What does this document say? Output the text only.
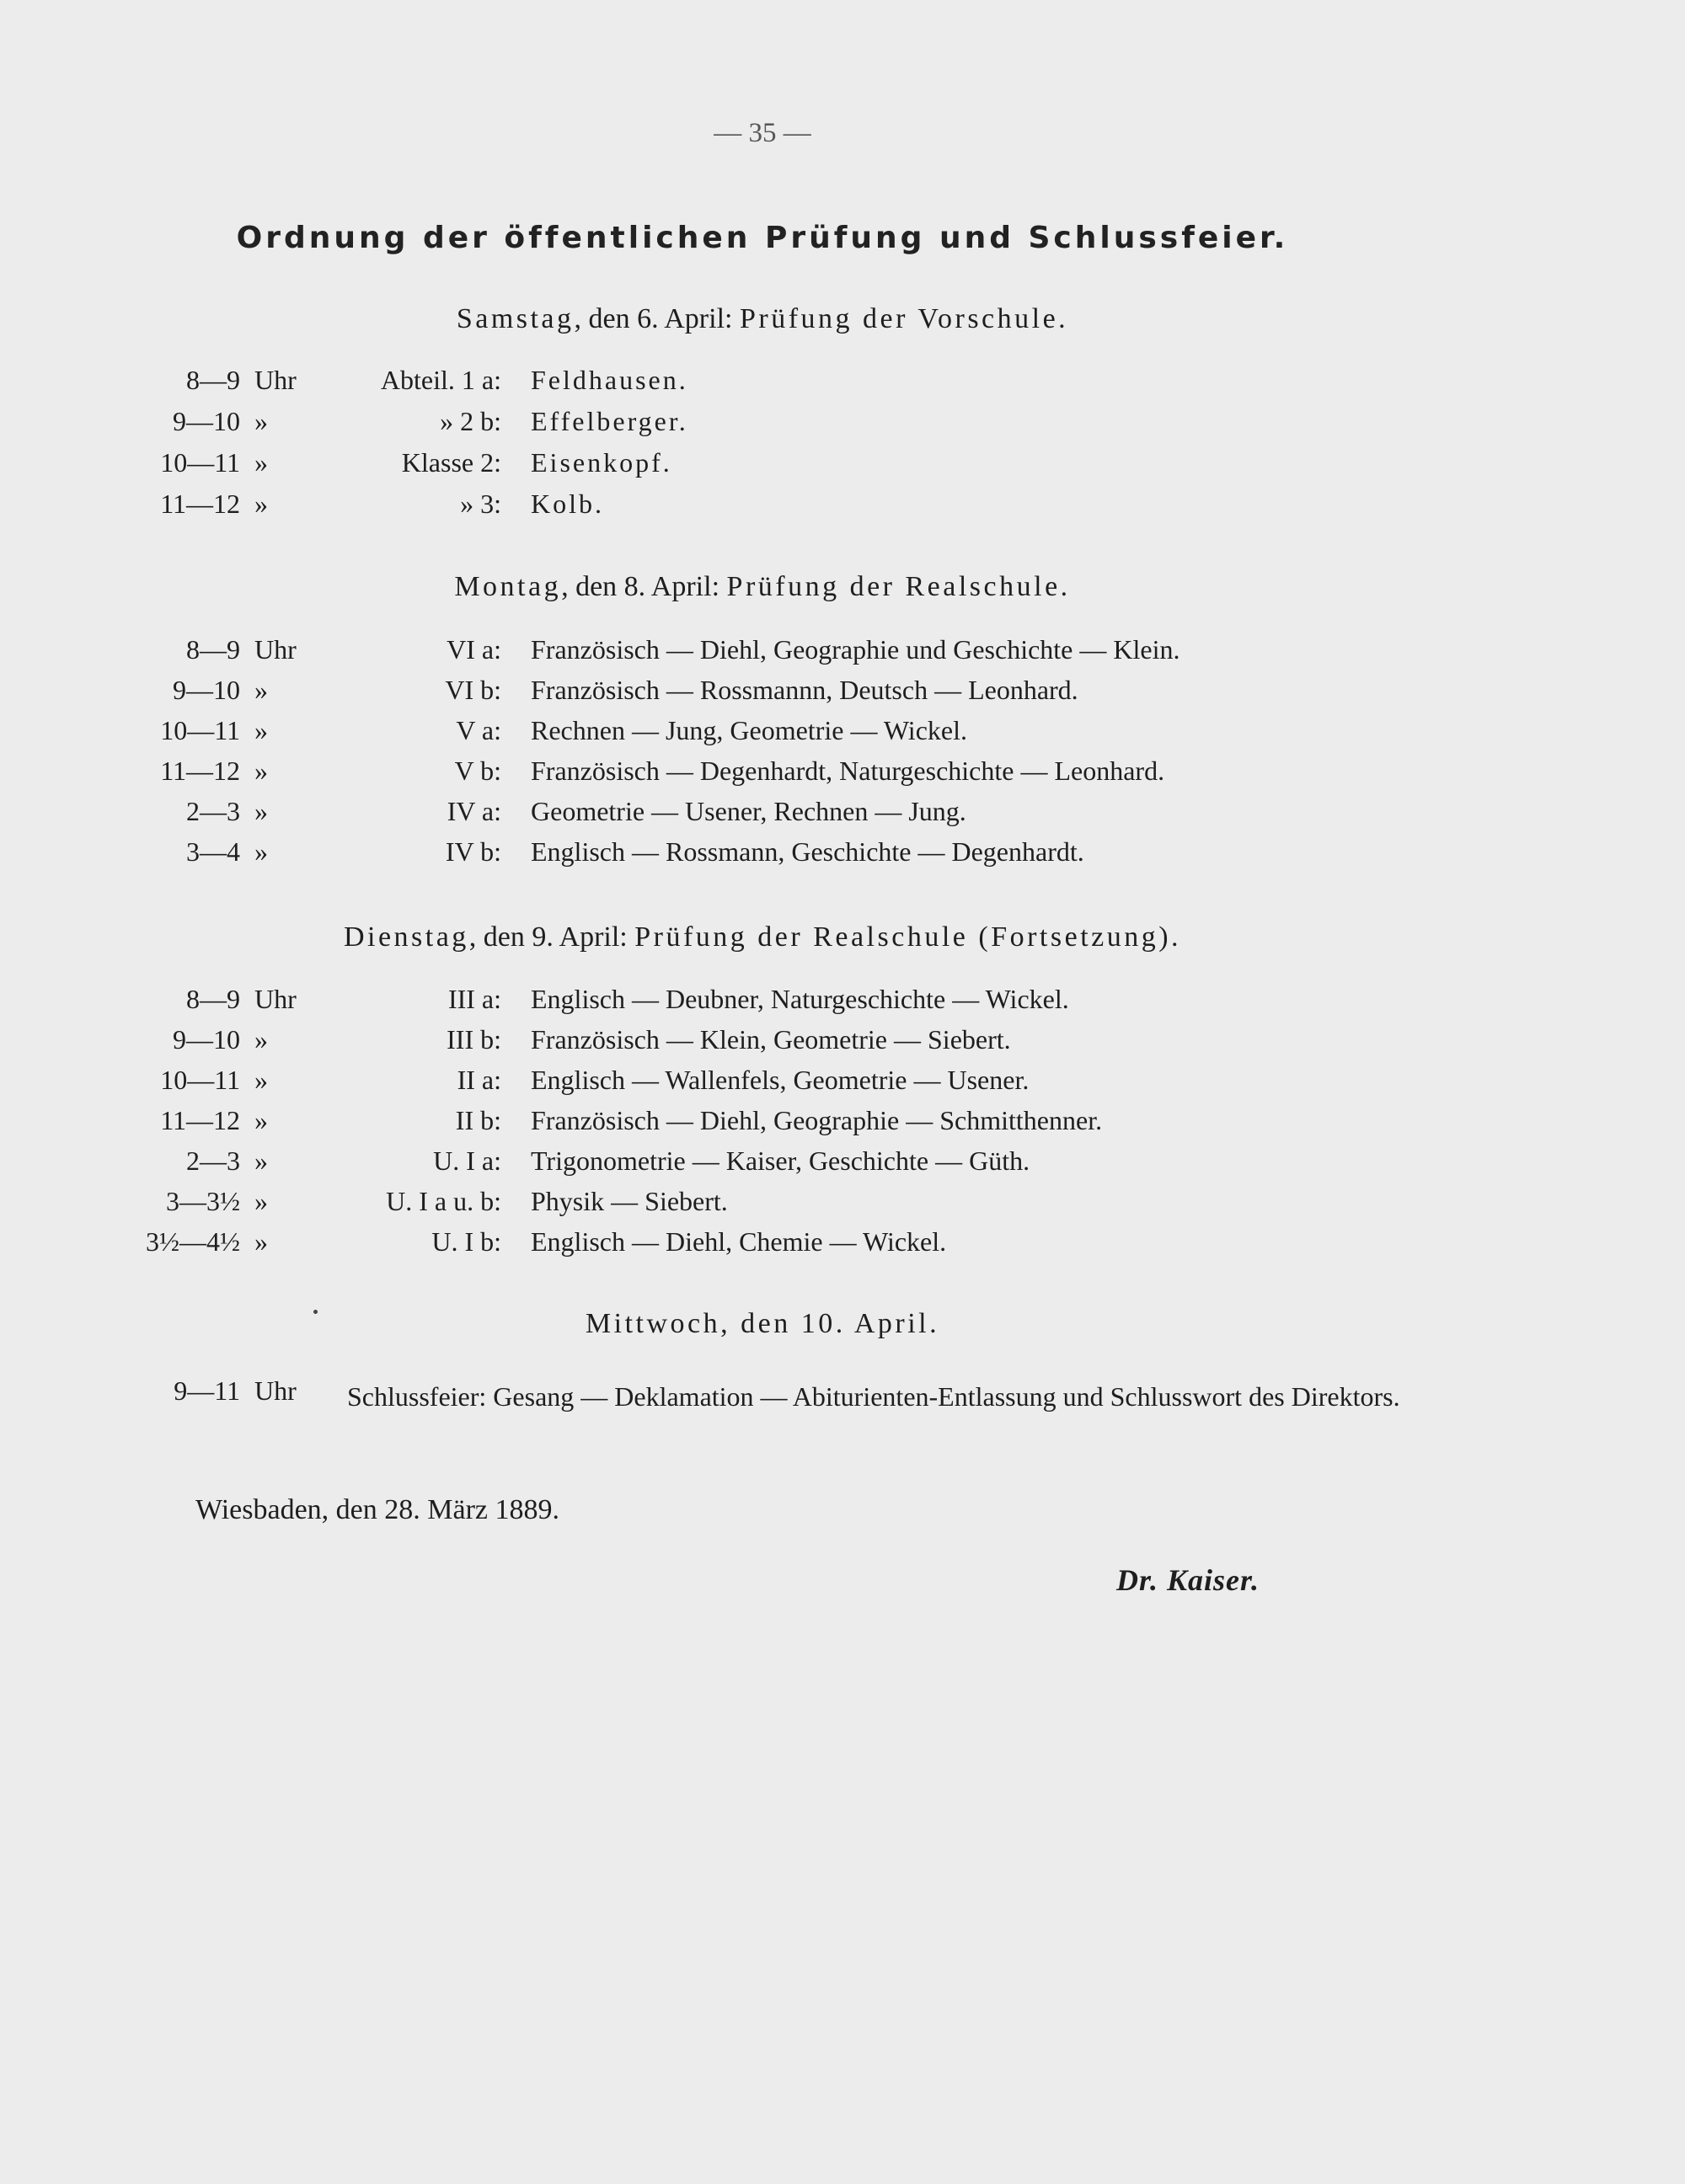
— 35 —
Ordnung der öffentlichen Prüfung und Schlussfeier.
Samstag, den 6. April: Prüfung der Vorschule.
8—9 Uhr	Abteil. 1 a: Feldhausen.
9—10 »	» 2 b: Effelberger.
10—11 »	Klasse 2: Eisenkopf.
11—12 »	» 3: Kolb.
Montag, den 8. April: Prüfung der Realschule.
8—9 Uhr	VI a: Französisch — Diehl, Geographie und Geschichte — Klein.
9—10 »	VI b: Französisch — Rossmannn, Deutsch — Leonhard.
10—11 »	V a: Rechnen — Jung, Geometrie — Wickel.
11—12 »	V b: Französisch — Degenhardt, Naturgeschichte — Leonhard.
2—3 »	IV a: Geometrie — Usener, Rechnen — Jung.
3—4 »	IV b: Englisch — Rossmann, Geschichte — Degenhardt.
Dienstag, den 9. April: Prüfung der Realschule (Fortsetzung).
8—9 Uhr	III a: Englisch — Deubner, Naturgeschichte — Wickel.
9—10 »	III b: Französisch — Klein, Geometrie — Siebert.
10—11 »	II a: Englisch — Wallenfels, Geometrie — Usener.
11—12 »	II b: Französisch — Diehl, Geographie — Schmitthenner.
2—3 »	U. I a: Trigonometrie — Kaiser, Geschichte — Güth.
3—3½ »	U. I a u. b: Physik — Siebert.
3½—4½ »	U. I b: Englisch — Diehl, Chemie — Wickel.
Mittwoch, den 10. April.
9—11 Uhr Schlussfeier: Gesang — Deklamation — Abiturienten-Entlassung und Schlusswort des Direktors.
Wiesbaden, den 28. März 1889.
Dr. Kaiser.
